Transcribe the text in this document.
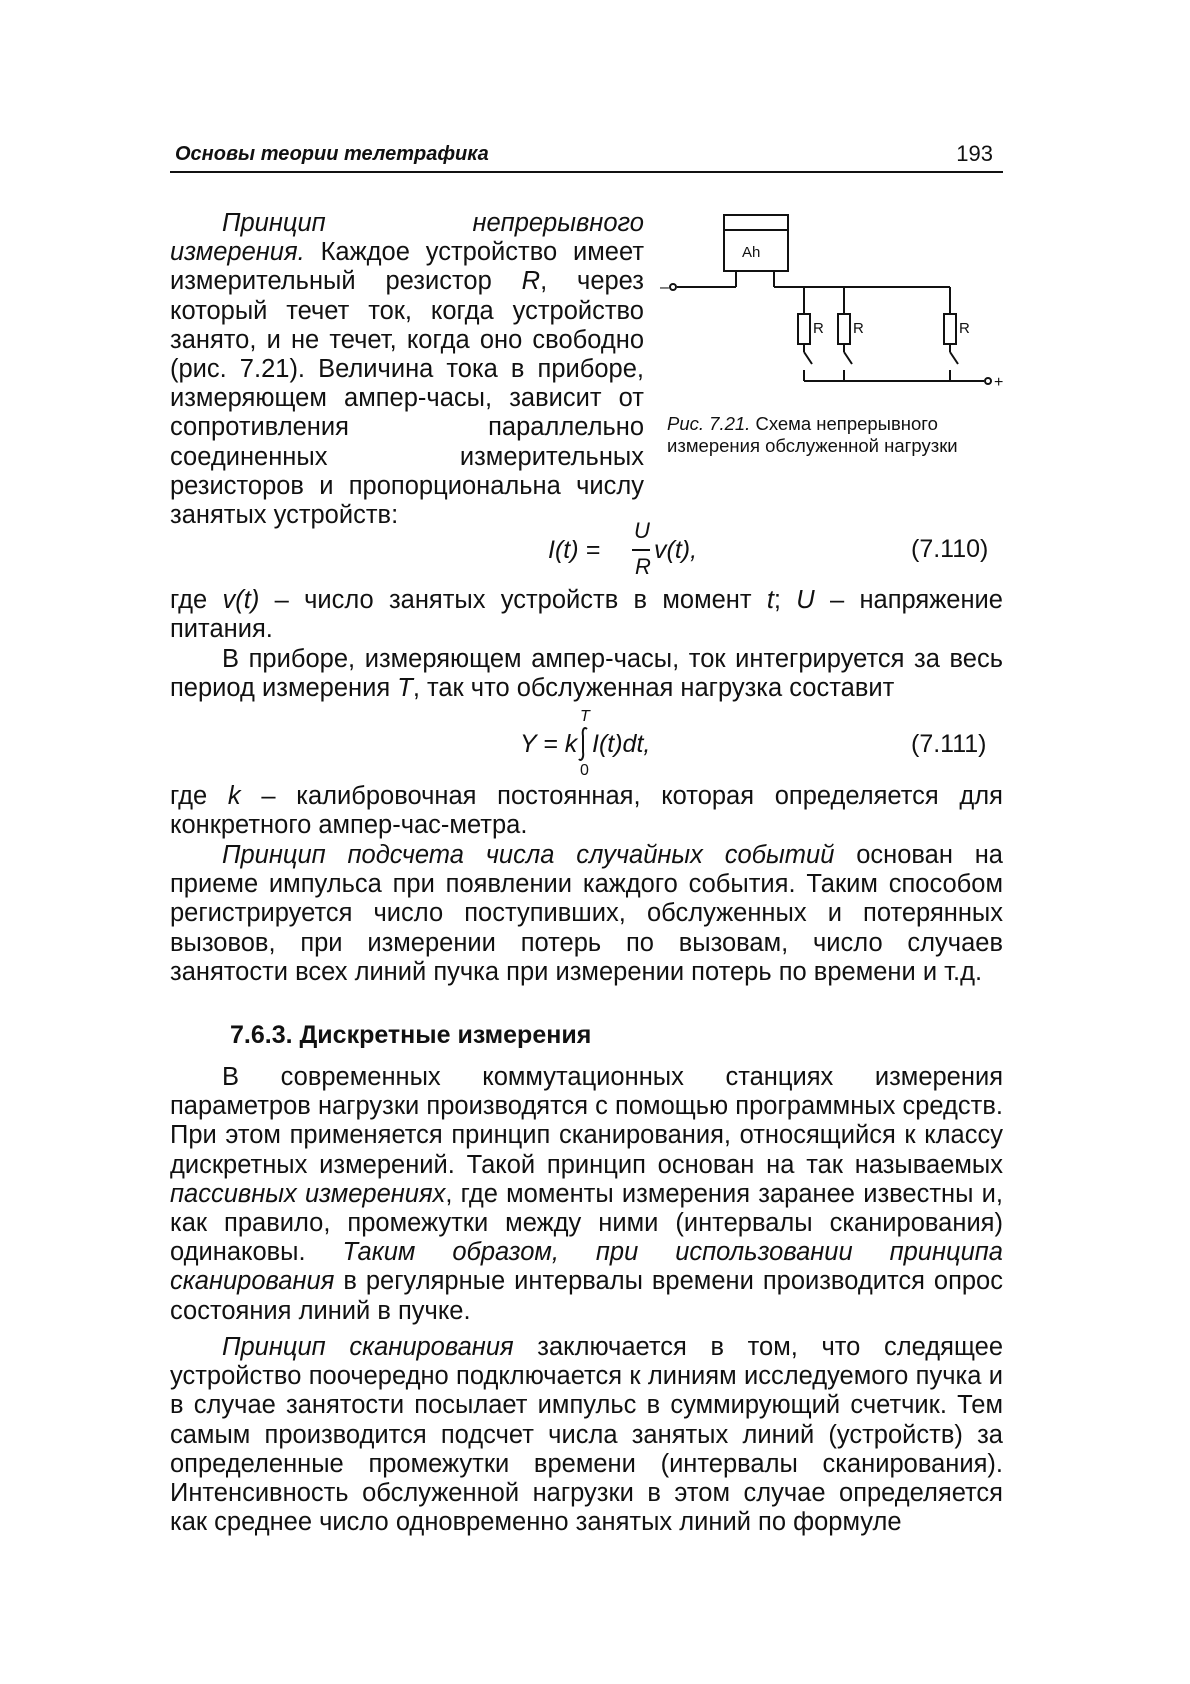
Основы теории телетрафика	193

Принцип непрерывного измерения. Каждое устройство имеет измерительный резистор R, через который течет ток, когда устройство занято, и не течет, когда оно свободно (рис. 7.21). Величина тока в приборе, измеряющем ампер-часы, зависит от сопротивления параллельно соединенных измерительных резисторов и пропорциональна числу занятых устройств:

Ah
R R	R
–
+
Рис. 7.21. Схема непрерывного измерения обслуженной нагрузки
I(t) =
U
R
v(t),	(7.110)

где v(t) – число занятых устройств в момент t; U – напряжение питания.

В приборе, измеряющем ампер-часы, ток интегрируется за весь период измерения T, так что обслуженная нагрузка составит

Y = k
T
0
I(t)dt,	(7.111)

где k – калибровочная постоянная, которая определяется для конкретного ампер-час-метра.

Принцип подсчета числа случайных событий основан на приеме импульса при появлении каждого события. Таким способом регистрируется число поступивших, обслуженных и потерянных вызовов, при измерении потерь по вызовам, число случаев занятости всех линий пучка при измерении потерь по времени и т.д.

7.6.3. Дискретные измерения

В современных коммутационных станциях измерения параметров нагрузки производятся с помощью программных средств. При этом применяется принцип сканирования, относящийся к классу дискретных измерений. Такой принцип основан на так называемых пассивных измерениях, где моменты измерения заранее известны и, как правило, промежутки между ними (интервалы сканирования) одинаковы. Таким образом, при использовании принципа сканирования в регулярные интервалы времени производится опрос состояния линий в пучке.

Принцип сканирования заключается в том, что следящее устройство поочередно подключается к линиям исследуемого пучка и в случае занятости посылает импульс в суммирующий счетчик. Тем самым производится подсчет числа занятых линий (устройств) за определенные промежутки времени (интервалы сканирования). Интенсивность обслуженной нагрузки в этом случае определяется как среднее число одновременно занятых линий по формуле
